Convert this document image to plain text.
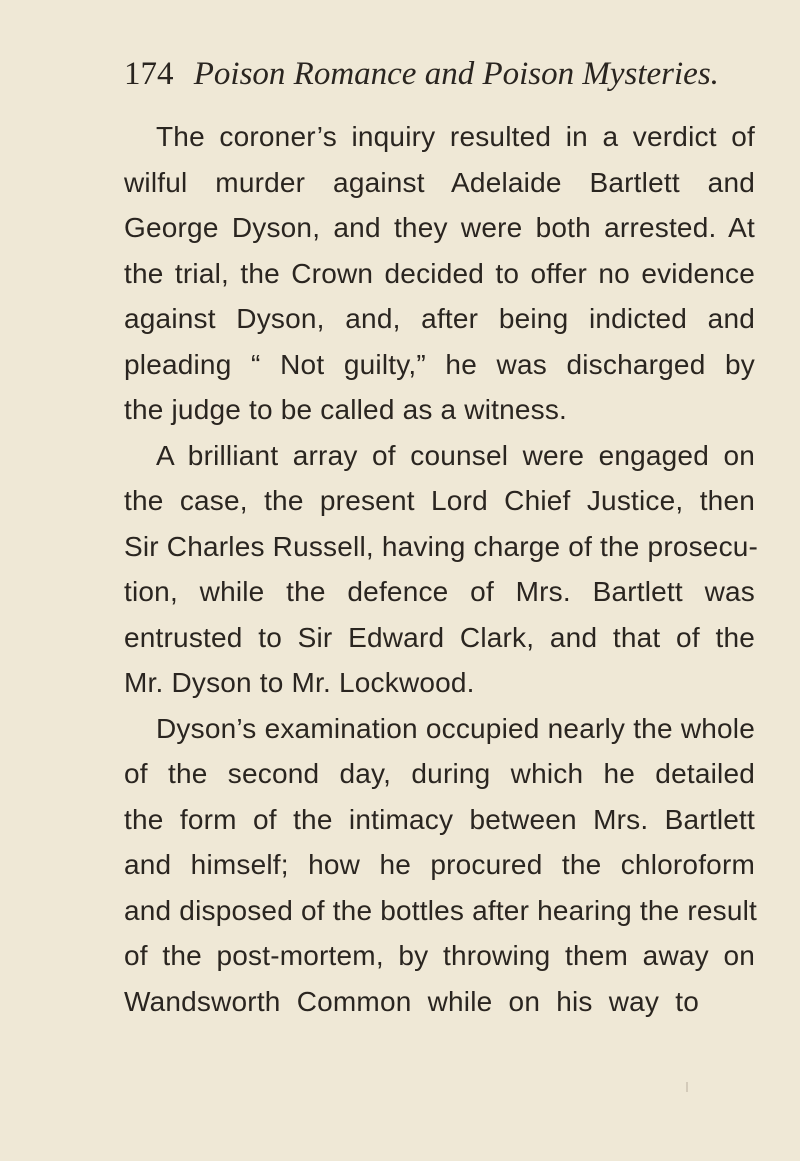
174 Poison Romance and Poison Mysteries.
The coroner’s inquiry resulted in a verdict of
wilful murder against Adelaide Bartlett and
George Dyson, and they were both arrested. At
the trial, the Crown decided to offer no evidence
against Dyson, and, after being indicted and
pleading “ Not guilty,” he was discharged by
the judge to be called as a witness.
A brilliant array of counsel were engaged on
the case, the present Lord Chief Justice, then
Sir Charles Russell, having charge of the prosecu-
tion, while the defence of Mrs. Bartlett was
entrusted to Sir Edward Clark, and that of the
Mr. Dyson to Mr. Lockwood.
Dyson’s examination occupied nearly the whole
of the second day, during which he detailed
the form of the intimacy between Mrs. Bartlett
and himself; how he procured the chloroform
and disposed of the bottles after hearing the result
of the post-mortem, by throwing them away on
Wandsworth Common while on his way to
